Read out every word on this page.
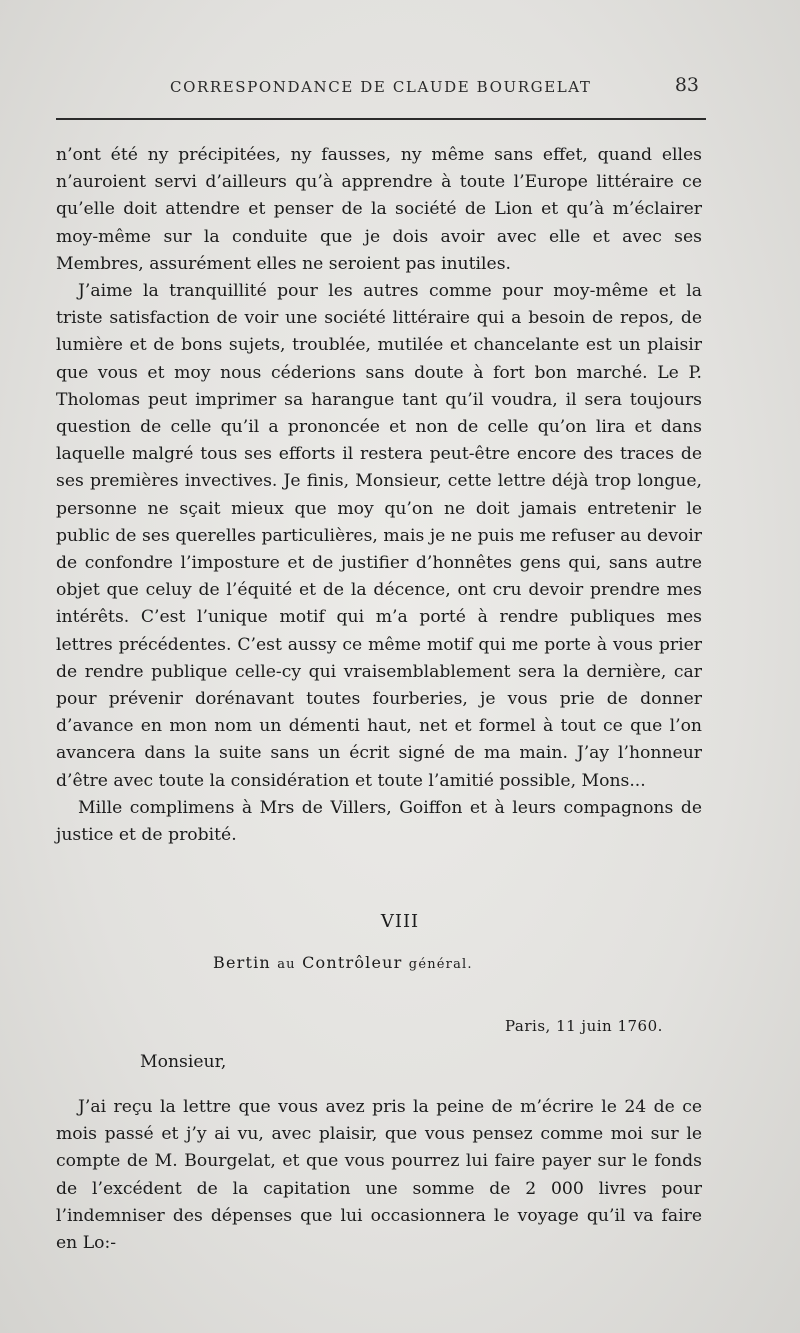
CORRESPONDANCE DE CLAUDE BOURGELAT	83

n’ont été ny précipitées, ny fausses, ny même sans effet, quand elles n’auroient servi d’ailleurs qu’à apprendre à toute l’Europe littéraire ce qu’elle doit attendre et penser de la société de Lion et qu’à m’éclairer moy-même sur la conduite que je dois avoir avec elle et avec ses Membres, assurément elles ne seroient pas inutiles.

J’aime la tranquillité pour les autres comme pour moy-même et la triste satisfaction de voir une société littéraire qui a besoin de repos, de lumière et de bons sujets, troublée, mutilée et chancelante est un plaisir que vous et moy nous céderions sans doute à fort bon marché. Le P. Tholomas peut imprimer sa harangue tant qu’il voudra, il sera toujours question de celle qu’il a prononcée et non de celle qu’on lira et dans laquelle malgré tous ses efforts il restera peut-être encore des traces de ses premières invectives. Je finis, Monsieur, cette lettre déjà trop longue, personne ne sçait mieux que moy qu’on ne doit jamais entretenir le public de ses querelles particulières, mais je ne puis me refuser au devoir de confondre l’imposture et de justifier d’honnêtes gens qui, sans autre objet que celuy de l’équité et de la décence, ont cru devoir prendre mes intérêts. C’est l’unique motif qui m’a porté à rendre publiques mes lettres précédentes. C’est aussy ce même motif qui me porte à vous prier de rendre publique celle-cy qui vraisemblablement sera la dernière, car pour prévenir dorénavant toutes fourberies, je vous prie de donner d’avance en mon nom un démenti haut, net et formel à tout ce que l’on avancera dans la suite sans un écrit signé de ma main. J’ay l’honneur d’être avec toute la considération et toute l’amitié possible, Mons...

Mille complimens à Mrs de Villers, Goiffon et à leurs compagnons de justice et de probité.

VIII
Bertin au Contrôleur général.
Paris, 11 juin 1760.
Monsieur,

J’ai reçu la lettre que vous avez pris la peine de m’écrire le 24 de ce mois passé et j’y ai vu, avec plaisir, que vous pensez comme moi sur le compte de M. Bourgelat, et que vous pourrez lui faire payer sur le fonds de l’excédent de la capitation une somme de 2 000 livres pour l’indemniser des dépenses que lui occasionnera le voyage qu’il va faire en Lo:-
